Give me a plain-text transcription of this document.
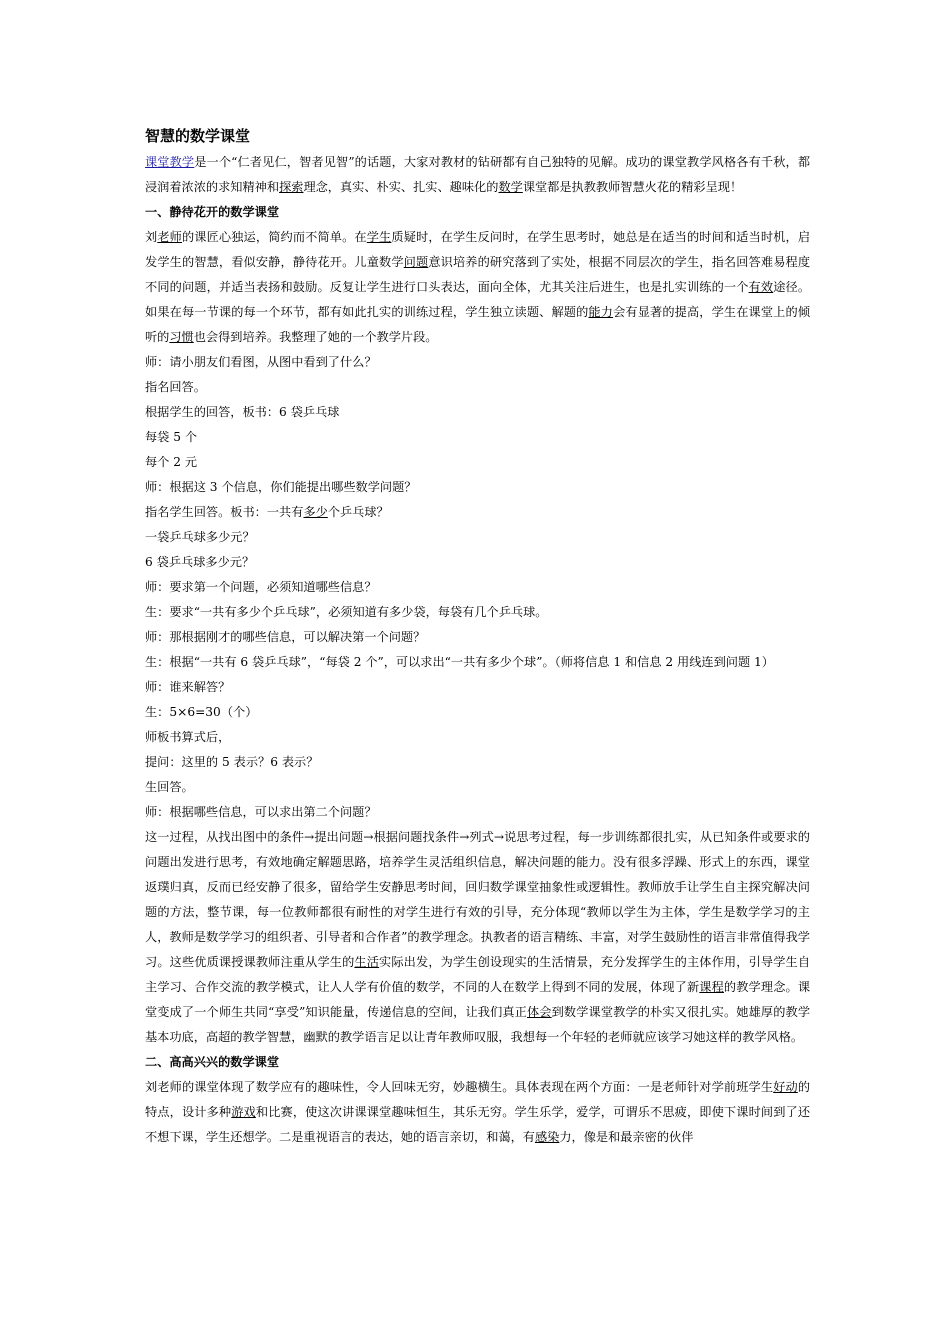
智慧的数学课堂

课堂教学是一个“仁者见仁，智者见智”的话题，大家对教材的钻研都有自己独特的见解。成功的课堂教学风格各有千秋，都浸润着浓浓的求知精神和探索理念，真实、朴实、扎实、趣味化的数学课堂都是执教教师智慧火花的精彩呈现！

一、静待花开的数学课堂

刘老师的课匠心独运，简约而不简单。在学生质疑时，在学生反问时，在学生思考时，她总是在适当的时间和适当时机，启发学生的智慧，看似安静，静待花开。儿童数学问题意识培养的研究落到了实处，根据不同层次的学生，指名回答难易程度不同的问题，并适当表扬和鼓励。反复让学生进行口头表达，面向全体，尤其关注后进生，也是扎实训练的一个有效途径。如果在每一节课的每一个环节，都有如此扎实的训练过程，学生独立读题、解题的能力会有显著的提高，学生在课堂上的倾听的习惯也会得到培养。我整理了她的一个教学片段。

师：请小朋友们看图，从图中看到了什么？

指名回答。

根据学生的回答，板书：6 袋乒乓球

每袋 5 个

每个 2 元

师：根据这 3 个信息，你们能提出哪些数学问题？

指名学生回答。板书：一共有多少个乒乓球？

一袋乒乓球多少元？

6 袋乒乓球多少元？

师：要求第一个问题，必须知道哪些信息？

生：要求“一共有多少个乒乓球”，必须知道有多少袋，每袋有几个乒乓球。

师：那根据刚才的哪些信息，可以解决第一个问题？

生：根据“一共有 6 袋乒乓球”，“每袋 2 个”，可以求出“一共有多少个球”。（师将信息 1 和信息 2 用线连到问题 1）

师：谁来解答？

生：5×6=30（个）

师板书算式后，

提问：这里的 5 表示？6 表示？

生回答。

师：根据哪些信息，可以求出第二个问题？

这一过程，从找出图中的条件→提出问题→根据问题找条件→列式→说思考过程，每一步训练都很扎实，从已知条件或要求的问题出发进行思考，有效地确定解题思路，培养学生灵活组织信息，解决问题的能力。没有很多浮躁、形式上的东西，课堂返璞归真，反而已经安静了很多，留给学生安静思考时间，回归数学课堂抽象性或逻辑性。教师放手让学生自主探究解决问题的方法，整节课，每一位教师都很有耐性的对学生进行有效的引导，充分体现“教师以学生为主体，学生是数学学习的主人，教师是数学学习的组织者、引导者和合作者”的教学理念。执教者的语言精练、丰富，对学生鼓励性的语言非常值得我学习。这些优质课授课教师注重从学生的生活实际出发，为学生创设现实的生活情景，充分发挥学生的主体作用，引导学生自主学习、合作交流的教学模式，让人人学有价值的数学，不同的人在数学上得到不同的发展，体现了新课程的教学理念。课堂变成了一个师生共同“享受”知识能量，传递信息的空间，让我们真正体会到数学课堂教学的朴实又很扎实。她雄厚的教学基本功底，高超的教学智慧，幽默的教学语言足以让青年教师叹服，我想每一个年轻的老师就应该学习她这样的教学风格。

二、高高兴兴的数学课堂

刘老师的课堂体现了数学应有的趣味性，令人回味无穷，妙趣横生。具体表现在两个方面：一是老师针对学前班学生好动的特点，设计多种游戏和比赛，使这次讲课课堂趣味恒生，其乐无穷。学生乐学，爱学，可谓乐不思疲，即使下课时间到了还不想下课，学生还想学。二是重视语言的表达，她的语言亲切，和蔼，有感染力，像是和最亲密的伙伴
